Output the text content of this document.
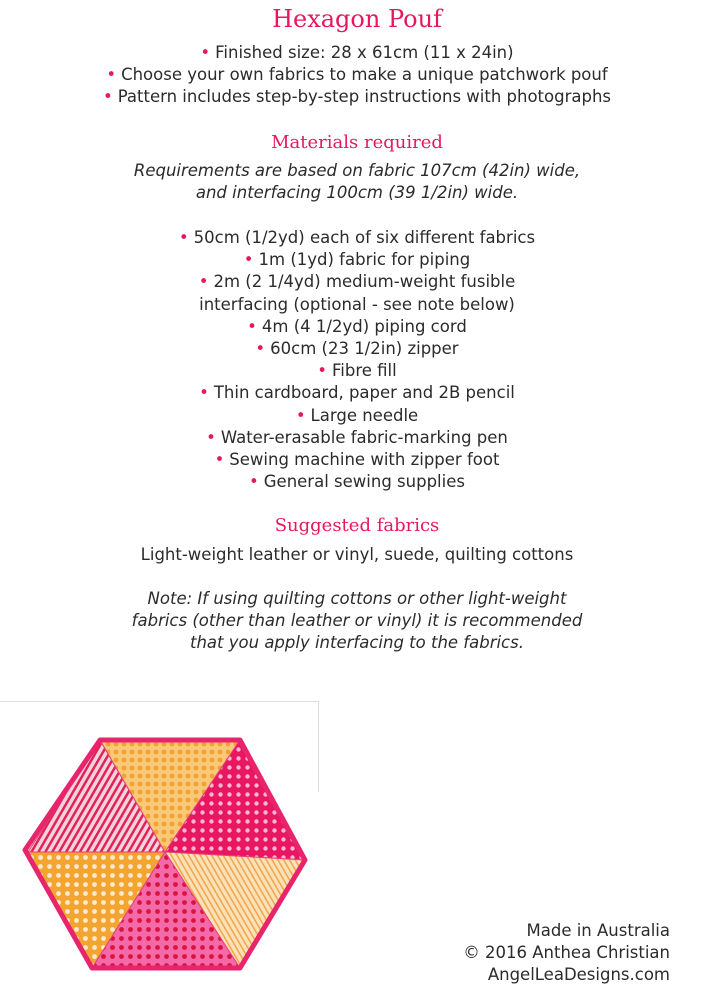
Hexagon Pouf
• Finished size: 28 x 61cm (11 x 24in)
• Choose your own fabrics to make a unique patchwork pouf
• Pattern includes step-by-step instructions with photographs
Materials required
Requirements are based on fabric 107cm (42in) wide,
and interfacing 100cm (39 1/2in) wide.
• 50cm (1/2yd) each of six different fabrics
• 1m (1yd) fabric for piping
• 2m (2 1/4yd) medium-weight fusible
interfacing (optional - see note below)
• 4m (4 1/2yd) piping cord
• 60cm (23 1/2in) zipper
• Fibre fill
• Thin cardboard, paper and 2B pencil
• Large needle
• Water-erasable fabric-marking pen
• Sewing machine with zipper foot
• General sewing supplies
Suggested fabrics
Light-weight leather or vinyl, suede, quilting cottons
Note: If using quilting cottons or other light-weight
fabrics (other than leather or vinyl) it is recommended
that you apply interfacing to the fabrics.
Made in Australia
© 2016 Anthea Christian
AngelLeaDesigns.com
